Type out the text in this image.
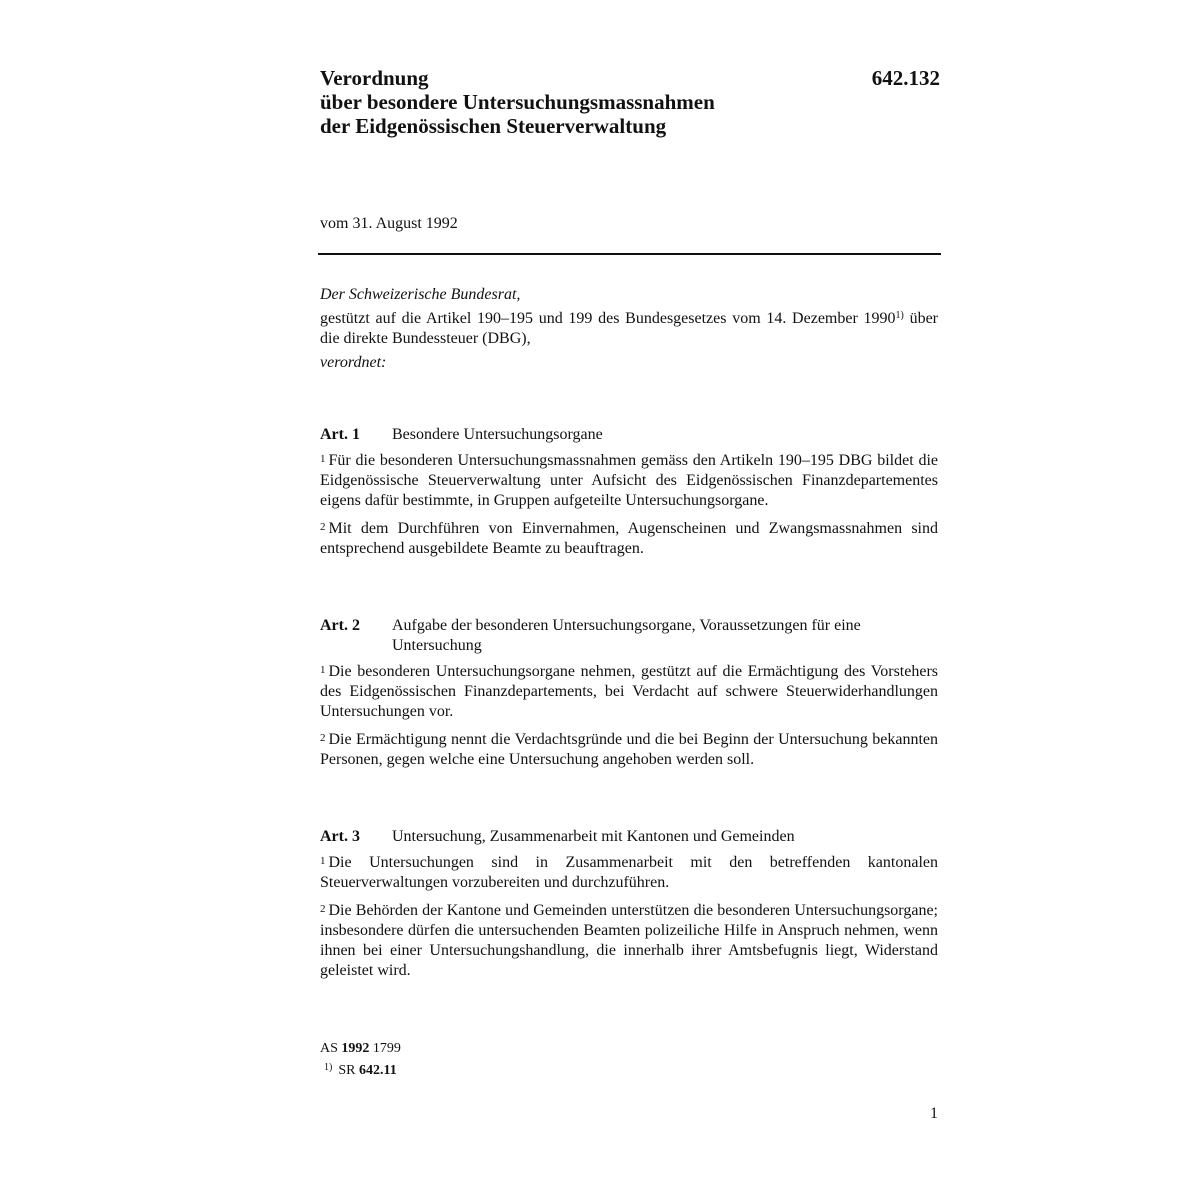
Verordnung
über besondere Untersuchungsmassnahmen
der Eidgenössischen Steuerverwaltung
642.132
vom 31. August 1992

Der Schweizerische Bundesrat,

gestützt auf die Artikel 190–195 und 199 des Bundesgesetzes vom 14. Dezember 1990$^{1)}$ über die direkte Bundessteuer (DBG),

verordnet:

Art. 1	Besondere Untersuchungsorgane

1 Für die besonderen Untersuchungsmassnahmen gemäss den Artikeln 190–195 DBG bildet die Eidgenössische Steuerverwaltung unter Aufsicht des Eidgenössischen Finanzdepartementes eigens dafür bestimmte, in Gruppen aufgeteilte Untersuchungsorgane.

2 Mit dem Durchführen von Einvernahmen, Augenscheinen und Zwangsmassnahmen sind entsprechend ausgebildete Beamte zu beauftragen.

Art. 2	Aufgabe der besonderen Untersuchungsorgane, Voraussetzungen für eine Untersuchung

1 Die besonderen Untersuchungsorgane nehmen, gestützt auf die Ermächtigung des Vorstehers des Eidgenössischen Finanzdepartements, bei Verdacht auf schwere Steuerwiderhandlungen Untersuchungen vor.

2 Die Ermächtigung nennt die Verdachtsgründe und die bei Beginn der Untersuchung bekannten Personen, gegen welche eine Untersuchung angehoben werden soll.

Art. 3	Untersuchung, Zusammenarbeit mit Kantonen und Gemeinden

1 Die Untersuchungen sind in Zusammenarbeit mit den betreffenden kantonalen Steuerverwaltungen vorzubereiten und durchzuführen.

2 Die Behörden der Kantone und Gemeinden unterstützen die besonderen Untersuchungsorgane; insbesondere dürfen die untersuchenden Beamten polizeiliche Hilfe in Anspruch nehmen, wenn ihnen bei einer Untersuchungshandlung, die innerhalb ihrer Amtsbefugnis liegt, Widerstand geleistet wird.

AS 1992 1799
$^{1)}$ SR 642.11
1
